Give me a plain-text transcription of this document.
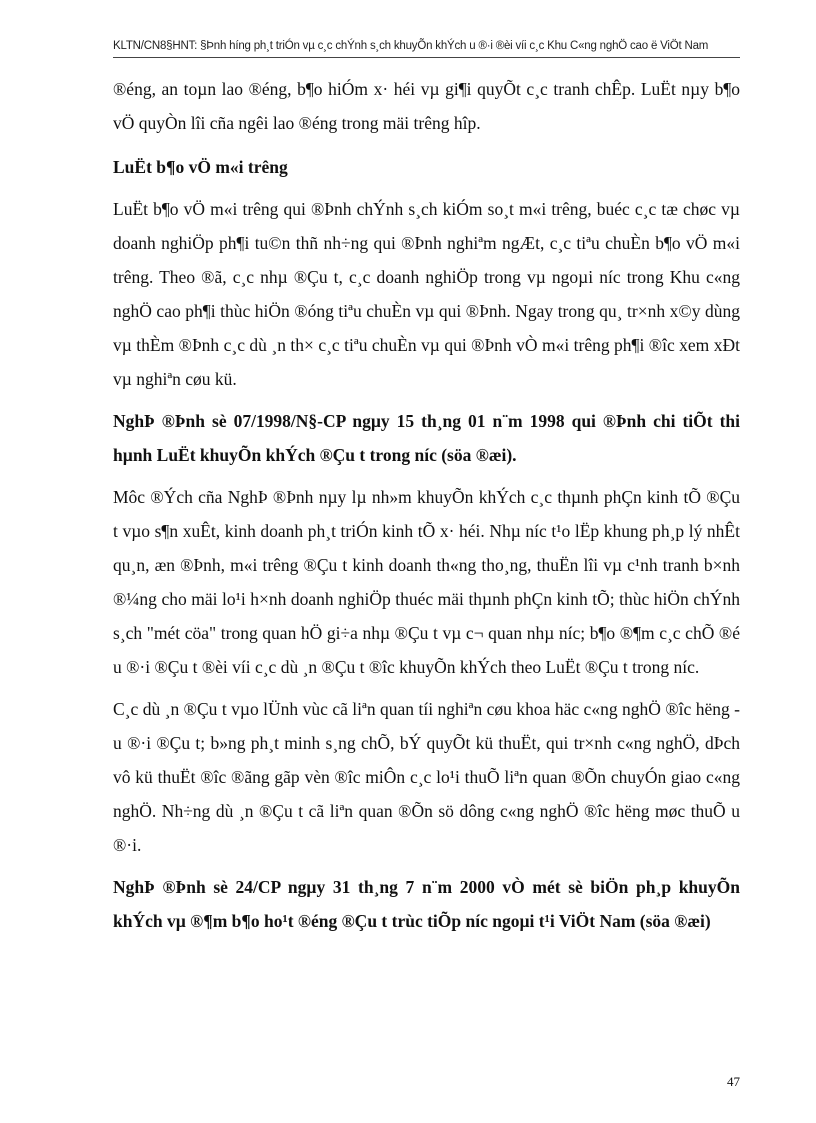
KLTN/CN8§HNT: §Þnh híng ph¸t triÓn vµ c¸c chÝnh s¸ch khuyÕn khÝch u ®·i ®èi víi c¸c Khu C«ng nghÖ cao ë ViÖt Nam

®éng, an toµn lao ®éng, b¶o hiÓm x· héi vµ gi¶i quyÕt c¸c tranh chÊp. LuËt nµy b¶o vÖ quyÒn lîi cña ngêi lao ®éng trong mäi trêng hîp.

LuËt b¶o vÖ m«i trêng

LuËt b¶o vÖ m«i trêng qui ®Þnh chÝnh s¸ch kiÓm so¸t m«i trêng, buéc c¸c tæ chøc vµ doanh nghiÖp ph¶i tu©n thñ nh÷ng qui ®Þnh nghiªm ngÆt, c¸c tiªu chuÈn b¶o vÖ m«i trêng. Theo ®ã, c¸c nhµ ®Çu t, c¸c doanh nghiÖp trong vµ ngoµi níc trong Khu c«ng nghÖ cao ph¶i thùc hiÖn ®óng tiªu chuÈn vµ qui ®Þnh. Ngay trong qu¸ tr×nh x©y dùng vµ thÈm ®Þnh c¸c dù ¸n th× c¸c tiªu chuÈn vµ qui ®Þnh vÒ m«i trêng ph¶i ®îc xem xÐt vµ nghiªn cøu kü.

NghÞ ®Þnh sè 07/1998/N§-CP ngµy 15 th¸ng 01 n¨m 1998 qui ®Þnh chi tiÕt thi hµnh LuËt khuyÕn khÝch ®Çu t trong níc (söa ®æi).

Môc ®Ých cña NghÞ ®Þnh nµy lµ nh»m khuyÕn khÝch c¸c thµnh phÇn kinh tÕ ®Çu t vµo s¶n xuÊt, kinh doanh ph¸t triÓn kinh tÕ x· héi. Nhµ níc t¹o lËp khung ph¸p lý nhÊt qu¸n, æn ®Þnh, m«i trêng ®Çu t kinh doanh th«ng tho¸ng, thuËn lîi vµ c¹nh tranh b×nh ®¼ng cho mäi lo¹i h×nh doanh nghiÖp thuéc mäi thµnh phÇn kinh tÕ; thùc hiÖn chÝnh s¸ch "mét cöa" trong quan hÖ gi÷a nhµ ®Çu t vµ c¬ quan nhµ níc; b¶o ®¶m c¸c chÕ ®é u ®·i ®Çu t ®èi víi c¸c dù ¸n ®Çu t ®îc khuyÕn khÝch theo LuËt ®Çu t trong níc.

C¸c dù ¸n ®Çu t vµo lÜnh vùc cã liªn quan tíi nghiªn cøu khoa häc c«ng nghÖ ®îc hëng u ®·i ®Çu t; b»ng ph¸t minh s¸ng chÕ, bÝ quyÕt kü thuËt, qui tr×nh c«ng nghÖ, dÞch vô kü thuËt ®îc ®ãng gãp vèn ®îc miÔn c¸c lo¹i thuÕ liªn quan ®Õn chuyÓn giao c«ng nghÖ. Nh÷ng dù ¸n ®Çu t cã liªn quan ®Õn sö dông c«ng nghÖ ®îc hëng møc thuÕ u ®·i.

NghÞ ®Þnh sè 24/CP ngµy 31 th¸ng 7 n¨m 2000 vÒ mét sè biÖn ph¸p khuyÕn khÝch vµ ®¶m b¶o ho¹t ®éng ®Çu t trùc tiÕp níc ngoµi t¹i ViÖt Nam (söa ®æi)
47
